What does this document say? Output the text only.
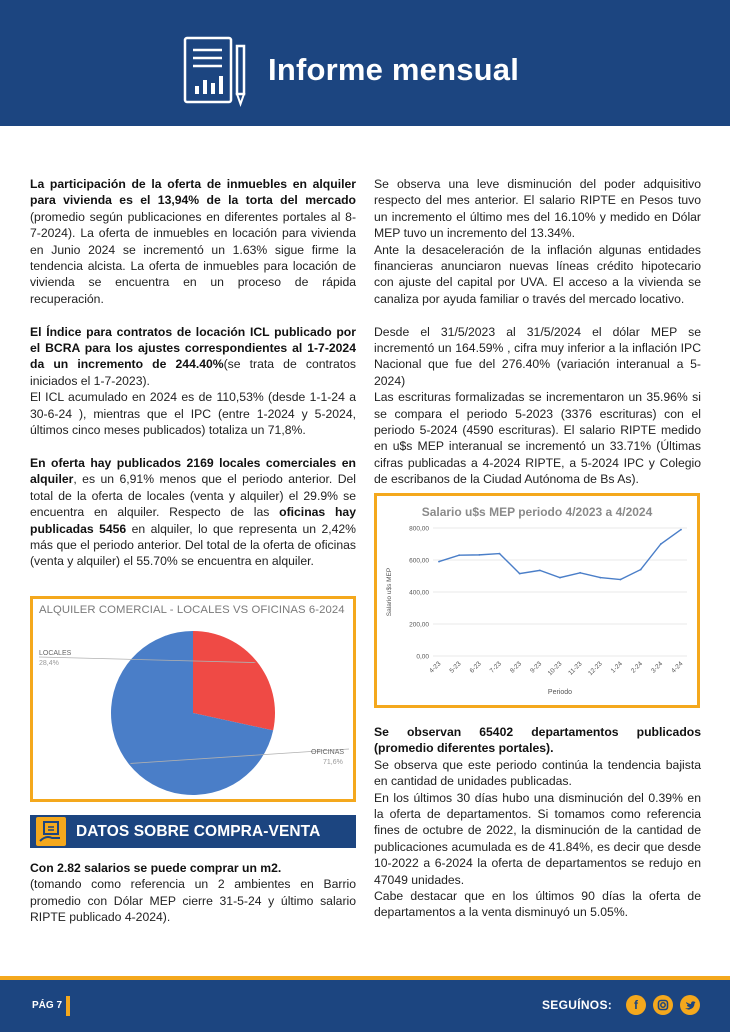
Informe mensual

La participación de la oferta de inmuebles en alquiler para vivienda es el 13,94% de la torta del mercado (promedio según publicaciones en diferentes portales al 8-7-2024). La oferta de inmuebles en locación para vivienda en Junio 2024 se incrementó un 1.63% sigue firme la tendencia alcista. La oferta de inmuebles para locación de vivienda se encuentra en un proceso de rápida recuperación.

El Índice para contratos de locación ICL publicado por el BCRA para los ajustes correspondientes al 1-7-2024 da un incremento de 244.40%(se trata de contratos iniciados el 1-7-2023).
El ICL acumulado en 2024 es de 110,53% (desde 1-1-24 a 30-6-24 ), mientras que el IPC (entre 1-2024 y 5-2024, últimos cinco meses publicados) totaliza un 71,8%.

En oferta hay publicados 2169 locales comerciales en alquiler, es un 6,91% menos que el periodo anterior. Del total de la oferta de locales (venta y alquiler) el 29.9% se encuentra en alquiler. Respecto de las oficinas hay publicadas 5456 en alquiler, lo que representa un 2,42% más que el periodo anterior. Del total de la oferta de oficinas (venta y alquiler) el 55.70% se encuentra en alquiler.

ALQUILER COMERCIAL - LOCALES VS OFICINAS 6-2024
LOCALES
28,4%
OFICINAS
71,6%
DATOS SOBRE COMPRA-VENTA

Con 2.82 salarios se puede comprar un m2.
(tomando como referencia un 2 ambientes en Barrio promedio con Dólar MEP cierre 31-5-24 y último salario RIPTE publicado 4-2024).

Se observa una leve disminución del poder adquisitivo respecto del mes anterior. El salario RIPTE en Pesos tuvo un incremento el último mes del 16.10% y medido en Dólar MEP tuvo un incremento del 13.34%.

Ante la desaceleración de la inflación algunas entidades financieras anunciaron nuevas líneas crédito hipotecario con ajuste del capital por UVA. El acceso a la vivienda se canaliza por ayuda familiar o través del mercado locativo.

Desde el 31/5/2023 al 31/5/2024 el dólar MEP se incrementó un 164.59% , cifra muy inferior a la inflación IPC Nacional que fue del 276.40% (variación interanual a 5-2024)

Las escrituras formalizadas se incrementaron un 35.96% si se compara el periodo 5-2023 (3376 escrituras) con el periodo 5-2024 (4590 escrituras). El salario RIPTE medido en u$s MEP interanual se incrementó un 33.71% (Últimas cifras publicadas a 4-2024 RIPTE, a 5-2024 IPC y Colegio de escribanos de la Ciudad Autónoma de Bs As).

Salario u$s MEP periodo 4/2023 a 4/2024
800,00
600,00
400,00
200,00
0,00
4-23 5-23 6-23 7-23 8-23 9-23 10-23 11-23 12-23 1-24 2-24 3-24 4-24
Salario u$s MEP
Periodo

Se observan 65402 departamentos publicados (promedio diferentes portales).

Se observa que este periodo continúa la tendencia bajista en cantidad de unidades publicadas.

En los últimos 30 días hubo una disminución del 0.39% en la oferta de departamentos. Si tomamos como referencia fines de octubre de 2022, la disminución de la cantidad de publicaciones acumulada es de 41.84%, es decir que desde 10-2022 a 6-2024 la oferta de departamentos se redujo en 47049 unidades.

Cabe destacar que en los últimos 90 días la oferta de departamentos a la venta disminuyó un 5.05%.

PÁG 7	SEGUÍNOS:	f
